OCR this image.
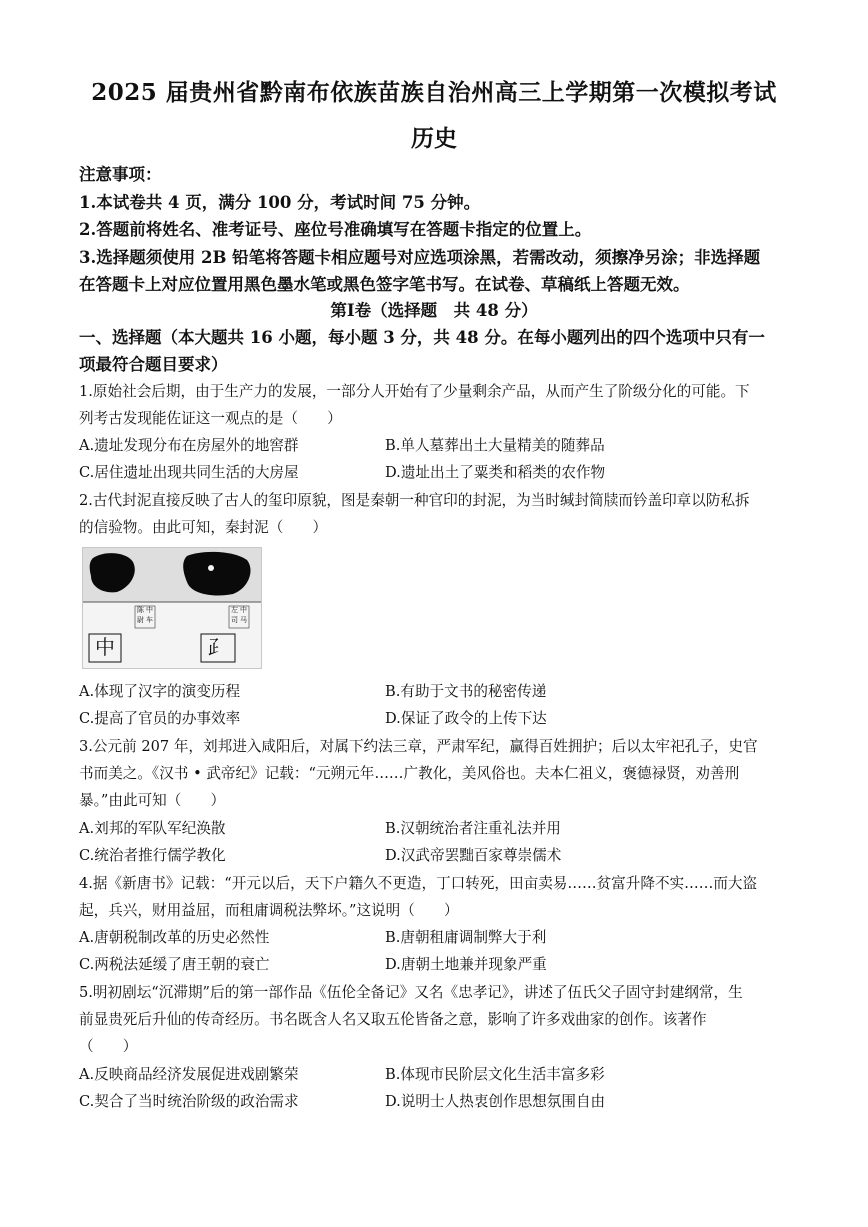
2025 届贵州省黔南布依族苗族自治州高三上学期第一次模拟考试
历史
注意事项：
1.本试卷共 4 页，满分 100 分，考试时间 75 分钟。
2.答题前将姓名、准考证号、座位号准确填写在答题卡指定的位置上。
3.选择题须使用 2B 铅笔将答题卡相应题号对应选项涂黑，若需改动，须擦净另涂；非选择题
在答题卡上对应位置用黑色墨水笔或黑色签字笔书写。在试卷、草稿纸上答题无效。
第Ⅰ卷（选择题　共 48 分）
一、选择题（本大题共 16 小题，每小题 3 分，共 48 分。在每小题列出的四个选项中只有一
项最符合题目要求）
1.原始社会后期，由于生产力的发展，一部分人开始有了少量剩余产品，从而产生了阶级分化的可能。下
列考古发现能佐证这一观点的是（　　）
A.遗址发现分布在房屋外的地窖群	B.单人墓葬出土大量精美的随葬品
C.居住遗址出现共同生活的大房屋	D.遗址出土了粟类和稻类的农作物
2.古代封泥直接反映了古人的玺印原貌，图是秦朝一种官印的封泥，为当时缄封简牍而钤盖印章以防私拆
的信验物。由此可知，秦封泥（　　）
陈 中
尉 车
左 中
司 马
中	⺪
A.体现了汉字的演变历程	B.有助于文书的秘密传递
C.提高了官员的办事效率	D.保证了政令的上传下达
3.公元前 207 年，刘邦进入咸阳后，对属下约法三章，严肃军纪，赢得百姓拥护；后以太牢祀孔子，史官
书而美之。《汉书 • 武帝纪》记载：“元朔元年……广教化，美风俗也。夫本仁祖义，褒德禄贤，劝善刑
暴。”由此可知（　　）
A.刘邦的军队军纪涣散	B.汉朝统治者注重礼法并用
C.统治者推行儒学教化	D.汉武帝罢黜百家尊崇儒术
4.据《新唐书》记载：“开元以后，天下户籍久不更造，丁口转死，田亩卖易……贫富升降不实……而大盗
起，兵兴，财用益屈，而租庸调税法弊坏。”这说明（　　）
A.唐朝税制改革的历史必然性	B.唐朝租庸调制弊大于利
C.两税法延缓了唐王朝的衰亡	D.唐朝土地兼并现象严重
5.明初剧坛“沉滞期”后的第一部作品《伍伦全备记》又名《忠孝记》，讲述了伍氏父子固守封建纲常，生
前显贵死后升仙的传奇经历。书名既含人名又取五伦皆备之意，影响了许多戏曲家的创作。该著作
（　　）
A.反映商品经济发展促进戏剧繁荣	B.体现市民阶层文化生活丰富多彩
C.契合了当时统治阶级的政治需求	D.说明士人热衷创作思想氛围自由
